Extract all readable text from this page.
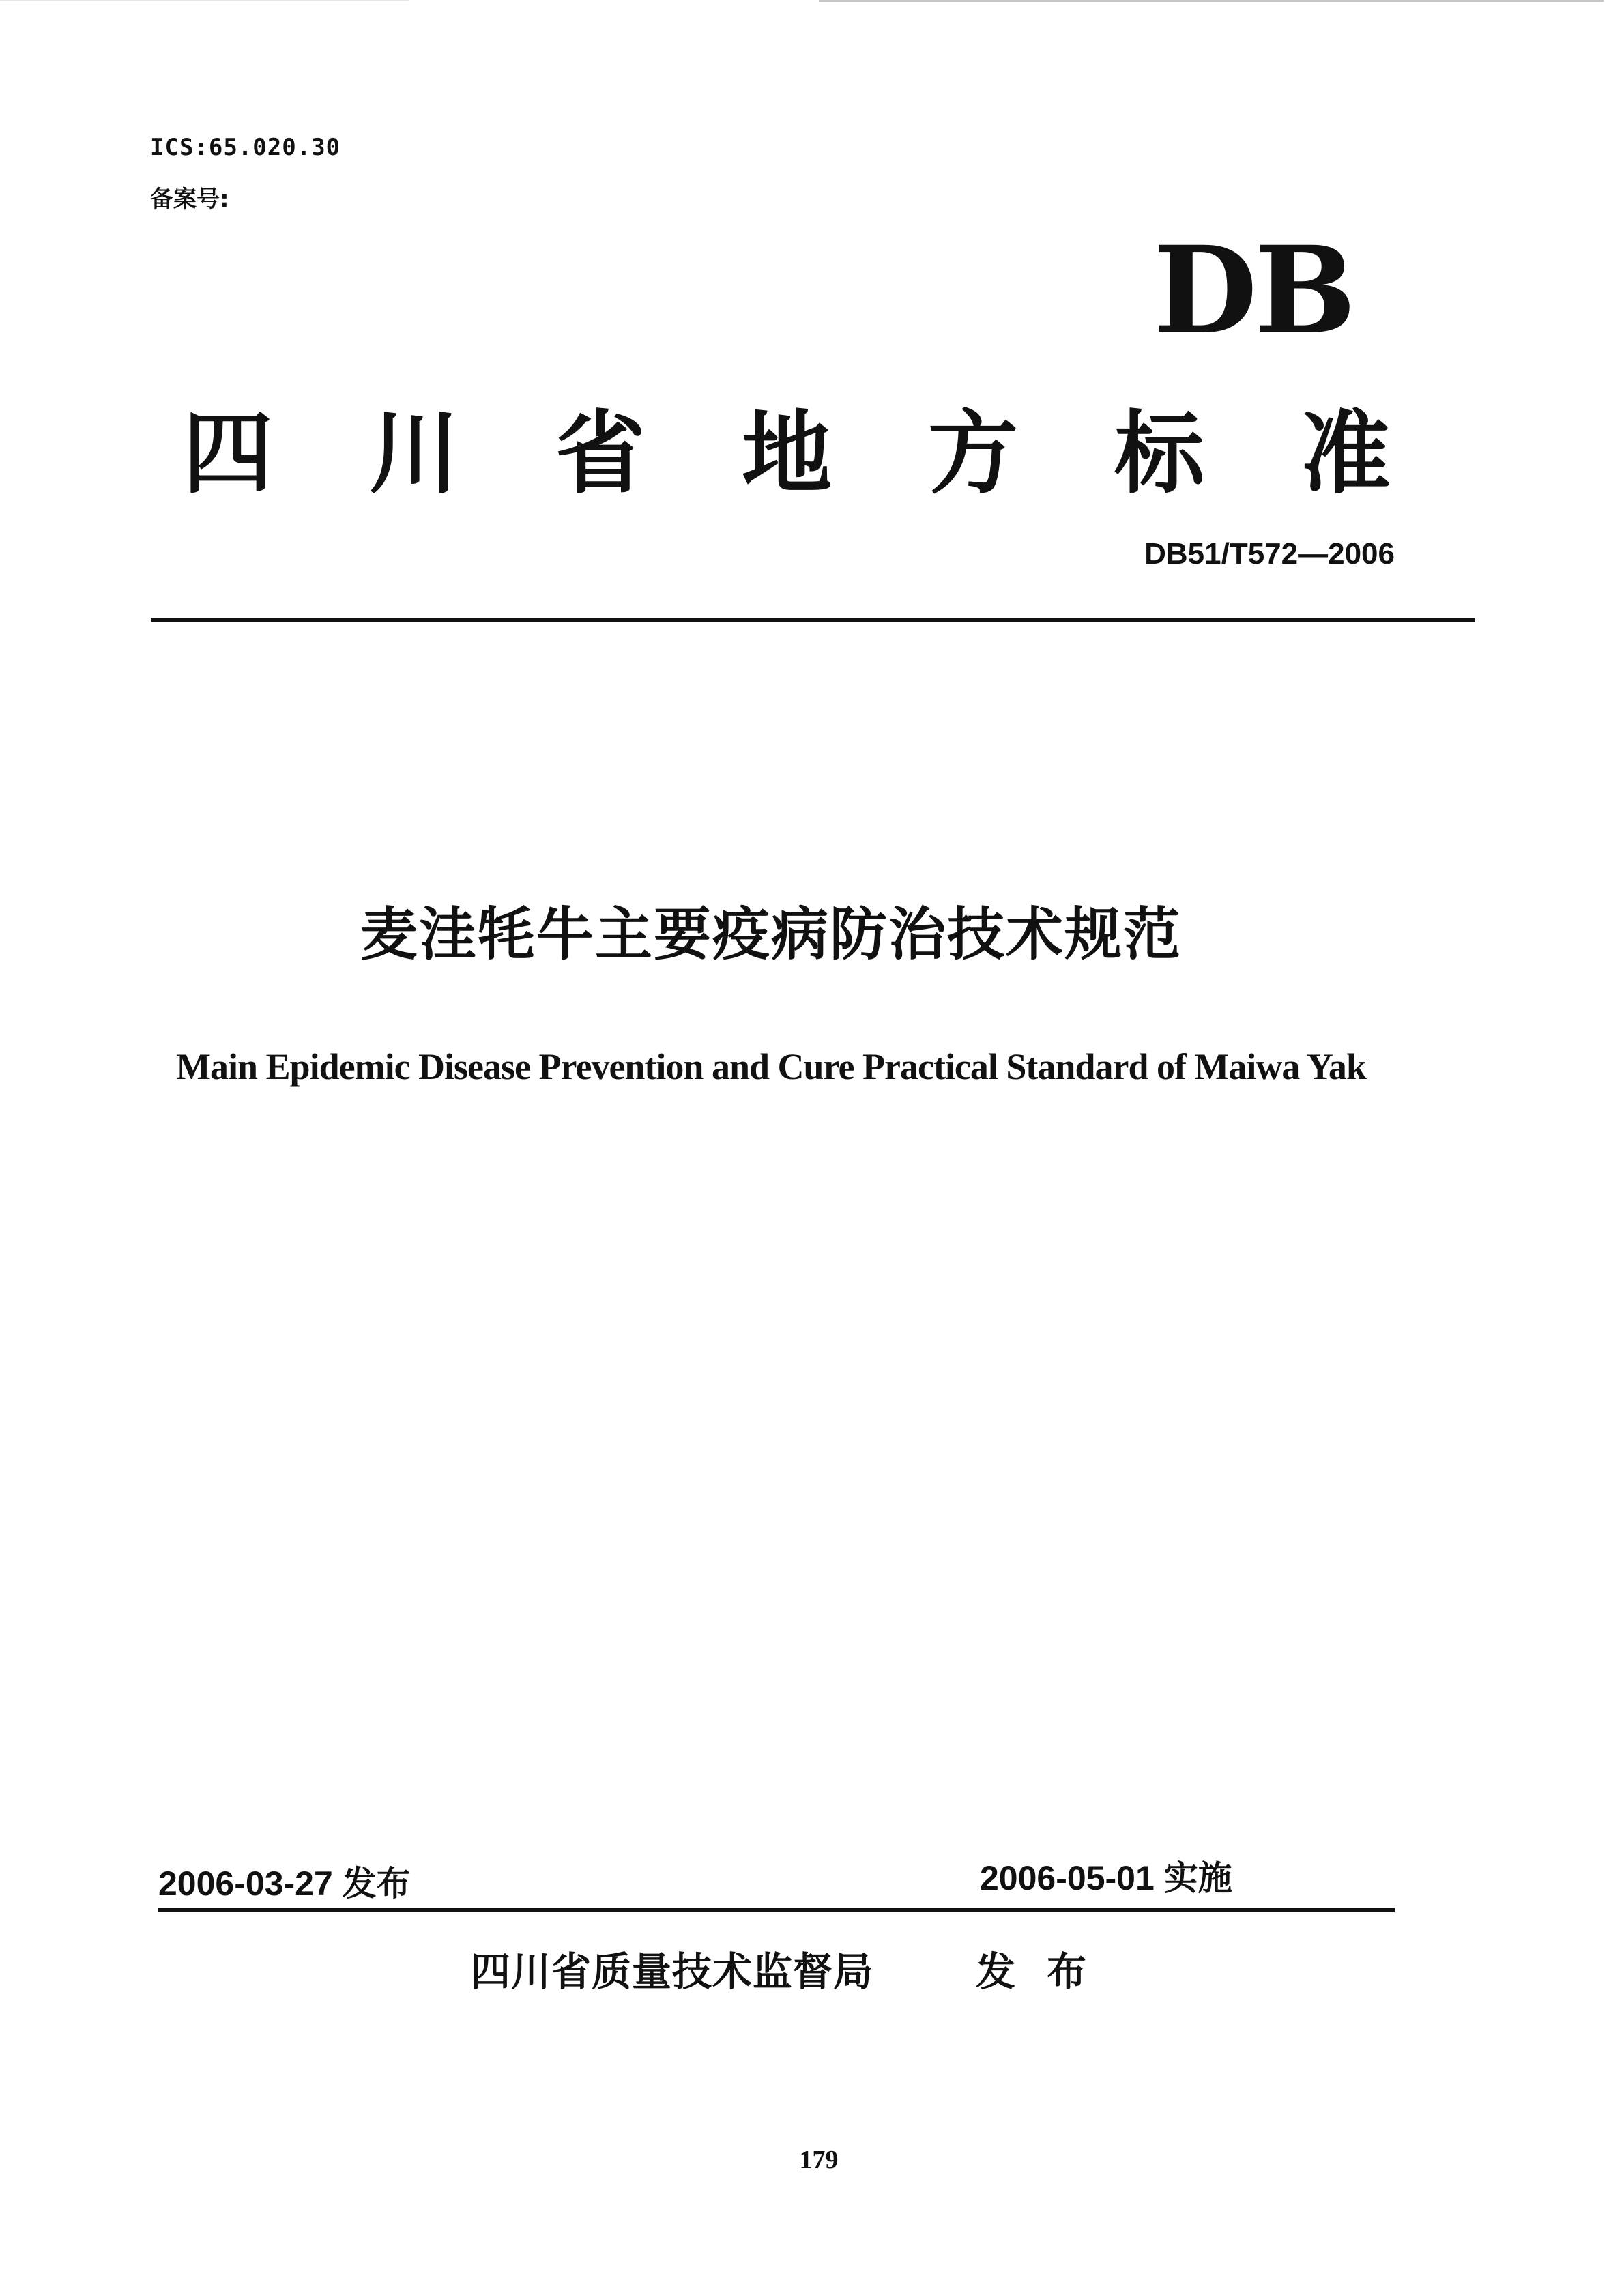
ICS:65.020.30
备案号:
DB
四 川 省 地 方 标 准
DB51/T572—2006
麦洼牦牛主要疫病防治技术规范
Main Epidemic Disease Prevention and Cure Practical Standard of Maiwa Yak
2006-03-27 发布	2006-05-01 实施
四川省质量技术监督局	发布
179
